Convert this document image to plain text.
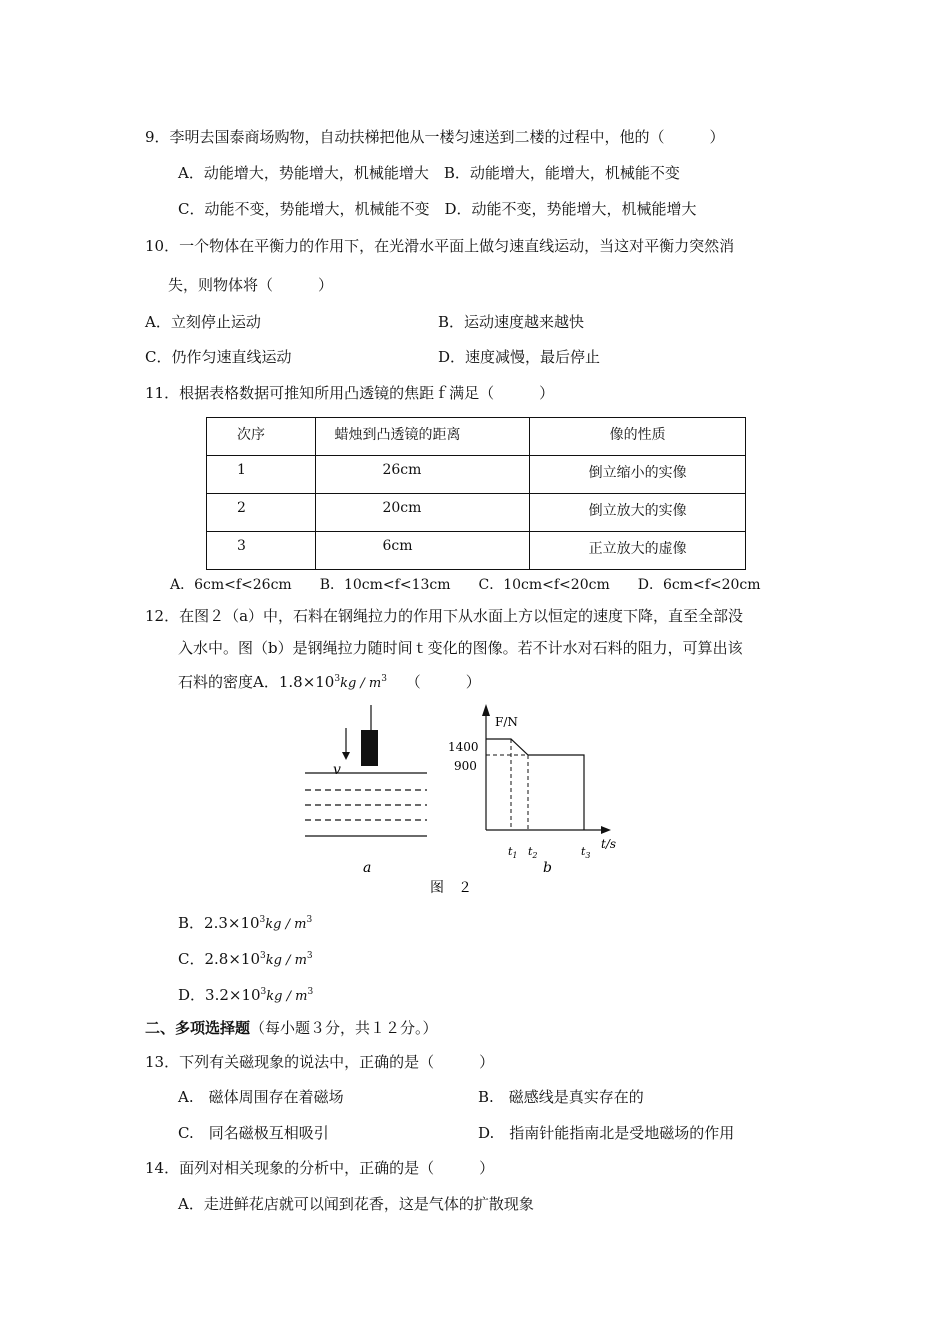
9．李明去国泰商场购物，自动扶梯把他从一楼匀速送到二楼的过程中，他的（　　　）
A．动能增大，势能增大，机械能增大　B．动能增大，能增大，机械能不变
C．动能不变，势能增大，机械能不变　D．动能不变，势能增大，机械能增大
10．一个物体在平衡力的作用下，在光滑水平面上做匀速直线运动，当这对平衡力突然消
失，则物体将（　　　）
A．立刻停止运动	B．运动速度越来越快
C．仍作匀速直线运动	D．速度减慢，最后停止
11．根据表格数据可推知所用凸透镜的焦距ｆ满足（　　　）
次序	蜡烛到凸透镜的距离	像的性质

1	26cm	倒立缩小的实像

2	20cm	倒立放大的实像

3	6cm	正立放大的虚像
A．6cm<f<26cm　　B．10cm<f<13cm　　C．10cm<f<20cm　　D．6cm<f<20cm
12．在图２（a）中，石料在钢绳拉力的作用下从水面上方以恒定的速度下降，直至全部没
入水中。图（b）是钢绳拉力随时间ｔ变化的图像。若不计水对石料的阻力，可算出该
石料的密度A．$1.8\times 10^3kg / m^3$ （　　　）
v
a
F/N
1400
900
t/s
$t_1$ $t_2$	$t_3$
b
图　２
B．$2.3\times 10^3kg / m^3$
C．$2.8\times 10^3kg / m^3$
D．$3.2\times 10^3kg / m^3$
二、多项选择题（每小题３分，共１２分。）
13．下列有关磁现象的说法中，正确的是（　　　）
A.　磁体周围存在着磁场	B.　磁感线是真实存在的
C.　同名磁极互相吸引	D.　指南针能指南北是受地磁场的作用
14．面列对相关现象的分析中，正确的是（　　　）
A．走进鲜花店就可以闻到花香，这是气体的扩散现象
